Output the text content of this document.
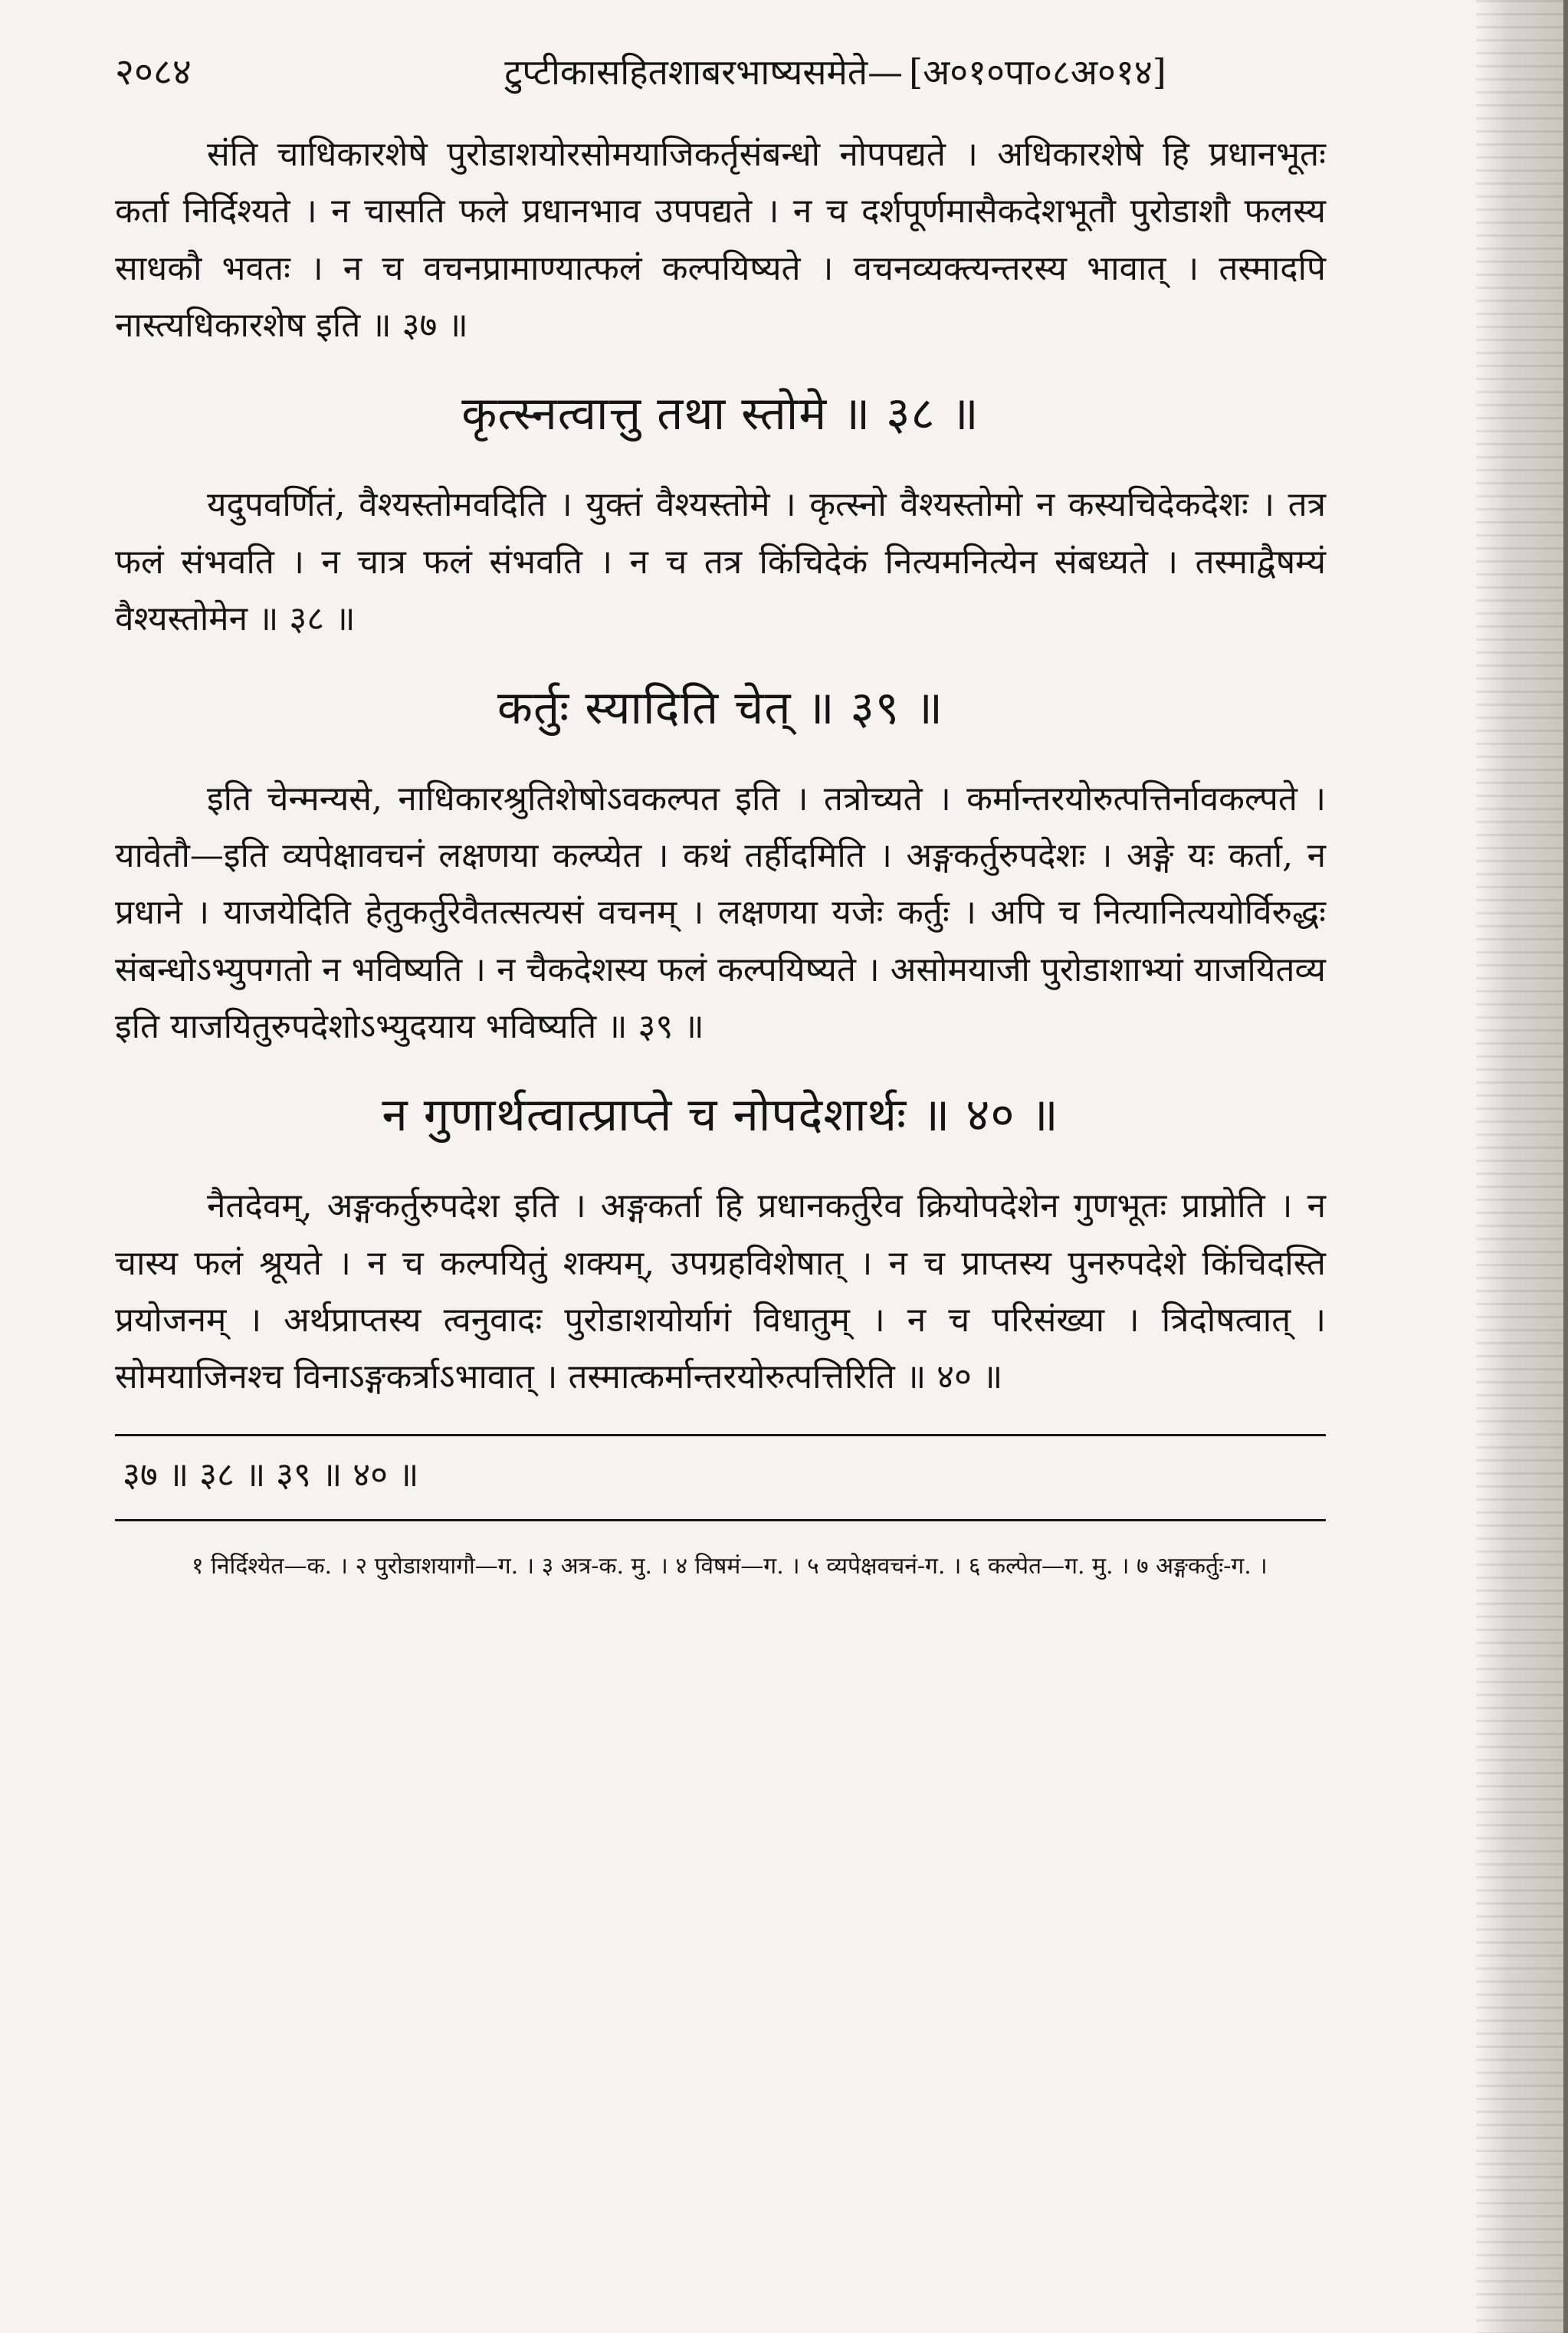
२०८४	टुप्टीकासहितशाबरभाष्यसमेते— [अ०१०पा०८अ०१४]

संति चाधिकारशेषे पुरोडाशयोरसोमयाजिकर्तृसंबन्धो नोपपद्यते । अधिकारशेषे हि प्रधानभूतः कर्ता निर्दिश्यते । न चासति फले प्रधानभाव उपपद्यते । न च दर्शपूर्णमासैकदेशभूतौ पुरोडाशौ फलस्य साधकौ भवतः । न च वचनप्रामाण्यात्फलं कल्पयिष्यते । वचनव्यक्त्यन्तरस्य भावात् । तस्मादपि नास्त्यधिकारशेष इति ॥ ३७ ॥

कृत्स्नत्वात्तु तथा स्तोमे ॥ ३८ ॥

यदुपवर्णितं, वैश्यस्तोमवदिति । युक्तं वैश्यस्तोमे । कृत्स्नो वैश्यस्तोमो न कस्यचिदेकदेशः । तत्र फलं संभवति । न चात्र फलं संभवति । न च तत्र किंचिदेकं नित्यमनित्येन संबध्यते । तस्माद्वैषम्यं वैश्यस्तोमेन ॥ ३८ ॥

कर्तुः स्यादिति चेत् ॥ ३९ ॥

इति चेन्मन्यसे, नाधिकारश्रुतिशेषोऽवकल्पत इति । तत्रोच्यते । कर्मान्तरयोरुत्पत्तिर्नावकल्पते । यावेतौ—इति व्यपेक्षावचनं लक्षणया कल्प्येत । कथं तर्हीदमिति । अङ्गकर्तुरुपदेशः । अङ्गे यः कर्ता, न प्रधाने । याजयेदिति हेतुकर्तुरेवैतत्सत्यसं वचनम् । लक्षणया यजेः कर्तुः । अपि च नित्यानित्ययोर्विरुद्धः संबन्धोऽभ्युपगतो न भविष्यति । न चैकदेशस्य फलं कल्पयिष्यते । असोमयाजी पुरोडाशाभ्यां याजयितव्य इति याजयितुरुपदेशोऽभ्युदयाय भविष्यति ॥ ३९ ॥

न गुणार्थत्वात्प्राप्ते च नोपदेशार्थः ॥ ४० ॥

नैतदेवम्, अङ्गकर्तुरुपदेश इति । अङ्गकर्ता हि प्रधानकर्तुरेव क्रियोपदेशेन गुणभूतः प्राप्नोति । न चास्य फलं श्रूयते । न च कल्पयितुं शक्यम्, उपग्रहविशेषात् । न च प्राप्तस्य पुनरुपदेशे किंचिदस्ति प्रयोजनम् । अर्थप्राप्तस्य त्वनुवादः पुरोडाशयोर्यागं विधातुम् । न च परिसंख्या । त्रिदोषत्वात् । सोमयाजिनश्च विनाऽङ्गकर्त्राऽभावात् । तस्मात्कर्मान्तरयोरुत्पत्तिरिति ॥ ४० ॥

३७ ॥ ३८ ॥ ३९ ॥ ४० ॥
१ निर्दिश्येत—क. । २ पुरोडाशयागौ—ग. । ३ अत्र-क. मु. । ४ विषमं—ग. । ५ व्यपेक्षवचनं-ग. । ६ कल्पेत—ग. मु. । ७ अङ्गकर्तुः-ग. ।
